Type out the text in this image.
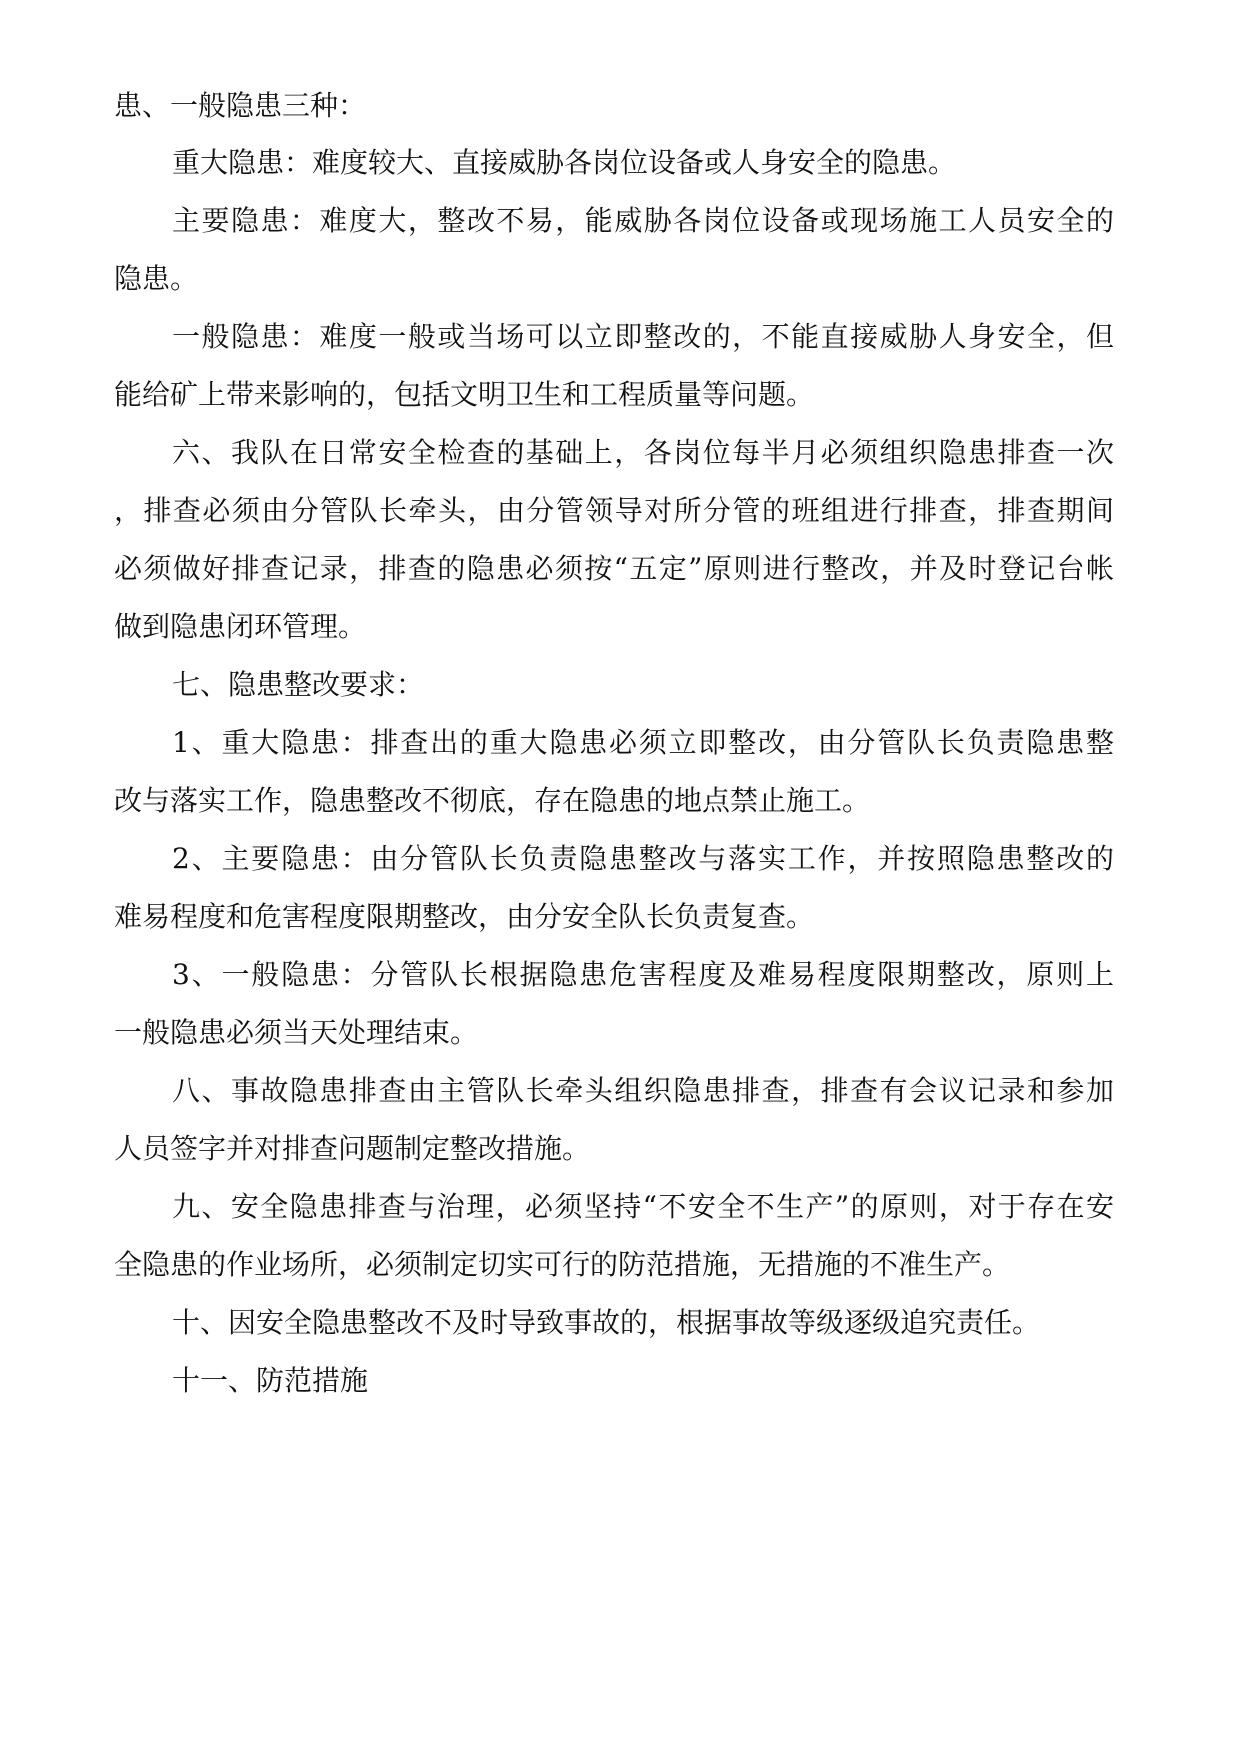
患、一般隐患三种：

重大隐患：难度较大、直接威胁各岗位设备或人身安全的隐患。

主要隐患：难度大，整改不易，能威胁各岗位设备或现场施工人员安全的

隐患。

一般隐患：难度一般或当场可以立即整改的，不能直接威胁人身安全，但

能给矿上带来影响的，包括文明卫生和工程质量等问题。

六、我队在日常安全检查的基础上，各岗位每半月必须组织隐患排查一次

，排查必须由分管队长牵头，由分管领导对所分管的班组进行排查，排查期间

必须做好排查记录，排查的隐患必须按“五定”原则进行整改，并及时登记台帐

做到隐患闭环管理。

七、隐患整改要求：

1、重大隐患：排查出的重大隐患必须立即整改，由分管队长负责隐患整

改与落实工作，隐患整改不彻底，存在隐患的地点禁止施工。

2、主要隐患：由分管队长负责隐患整改与落实工作，并按照隐患整改的

难易程度和危害程度限期整改，由分安全队长负责复查。

3、一般隐患：分管队长根据隐患危害程度及难易程度限期整改，原则上

一般隐患必须当天处理结束。

八、事故隐患排查由主管队长牵头组织隐患排查，排查有会议记录和参加

人员签字并对排查问题制定整改措施。

九、安全隐患排查与治理，必须坚持“不安全不生产”的原则，对于存在安

全隐患的作业场所，必须制定切实可行的防范措施，无措施的不准生产。

十、因安全隐患整改不及时导致事故的，根据事故等级逐级追究责任。

十一、防范措施
